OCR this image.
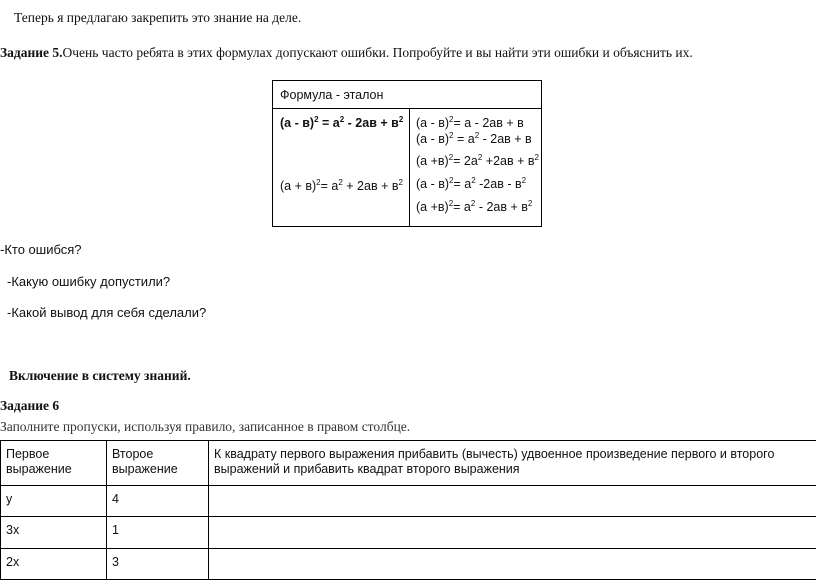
Теперь я предлагаю закрепить это знание на деле.
Задание 5.Очень часто ребята в этих формулах допускают ошибки. Попробуйте и вы найти эти ошибки и объяснить их.
Формула - эталон
$(а - в)^2 = а^2 - 2ав + в^2$
$(а + в)^2= а^2 + 2ав + в^2$
(а - в)$^2$= а - 2ав + в
$(а - в)^2 = а^2 - 2ав + в$
$(а +в)^2= 2а^2 +2ав + в^2$
$(а - в)^2= а^2$ $-2ав - в^2$
$(а +в)^2= а^2 - 2ав + в^2$
-Кто ошибся?
-Какую ошибку допустили?
-Какой вывод для себя сделали?
Включение в систему знаний.
Задание 6
Заполните пропуски, используя правило, записанное в правом столбце.
Первое выражение	Второе выражение	К квадрату первого выражения прибавить (вычесть) удвоенное произведение первого и второго выражений и прибавить квадрат второго выражения
у	4	
3х	1	
2х	3	
